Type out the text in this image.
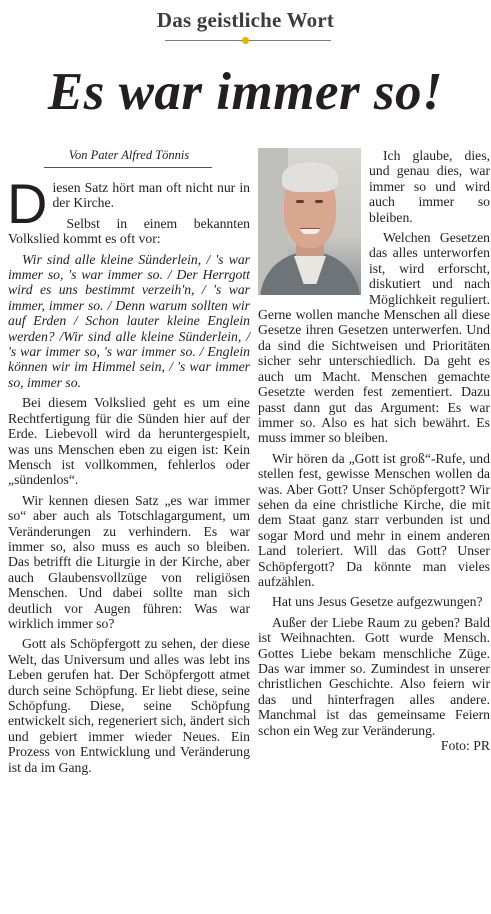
Das geistliche Wort
Es war immer so!
Von Pater Alfred Tönnis

Diesen Satz hört man oft nicht nur in der Kirche.

Selbst in einem bekannten Volkslied kommt es oft vor:

Wir sind alle kleine Sünderlein, / 's war immer so, 's war immer so. / Der Herrgott wird es uns bestimmt verzeih'n, / 's war immer, immer so. / Denn warum sollten wir auf Erden / Schon lauter kleine Englein werden? /Wir sind alle kleine Sünderlein, / 's war immer so, 's war immer so. / Englein können wir im Himmel sein, / 's war immer so, immer so.

Bei diesem Volkslied geht es um eine Rechtfertigung für die Sünden hier auf der Erde. Liebevoll wird da heruntergespielt, was uns Menschen eben zu eigen ist: Kein Mensch ist vollkommen, fehlerlos oder „sündenlos“.

Wir kennen diesen Satz „es war immer so“ aber auch als Totschlagargument, um Veränderungen zu verhindern. Es war immer so, also muss es auch so bleiben. Das betrifft die Liturgie in der Kirche, aber auch Glaubensvollzüge von religiösen Menschen. Und dabei sollte man sich deutlich vor Augen führen: Was war wirklich immer so?

Gott als Schöpfergott zu sehen, der diese Welt, das Universum und alles was lebt ins Leben gerufen hat. Der Schöpfergott atmet durch seine Schöpfung. Er liebt diese, seine Schöpfung. Diese, seine Schöpfung entwickelt sich, regeneriert sich, ändert sich und gebiert immer wieder Neues. Ein Prozess von Entwicklung und Veränderung ist da im Gang.

Ich glaube, dies, und genau dies, war immer so und wird auch immer so bleiben.

Welchen Gesetzen das alles unterworfen ist, wird erforscht, diskutiert und nach Möglichkeit reguliert. Gerne wollen manche Menschen all diese Gesetze ihren Gesetzen unterwerfen. Und da sind die Sichtweisen und Prioritäten sicher sehr unterschiedlich. Da geht es auch um Macht. Menschen gemachte Gesetzte werden fest zementiert. Dazu passt dann gut das Argument: Es war immer so. Also es hat sich bewährt. Es muss immer so bleiben.

Wir hören da „Gott ist groß“-Rufe, und stellen fest, gewisse Menschen wollen da was. Aber Gott? Unser Schöpfergott? Wir sehen da eine christliche Kirche, die mit dem Staat ganz starr verbunden ist und sogar Mord und mehr in einem anderen Land toleriert. Will das Gott? Unser Schöpfergott? Da könnte man vieles aufzählen.

Hat uns Jesus Gesetze aufgezwungen?

Außer der Liebe Raum zu geben? Bald ist Weihnachten. Gott wurde Mensch. Gottes Liebe bekam menschliche Züge. Das war immer so. Zumindest in unserer christlichen Geschichte. Also feiern wir das und hinterfragen alles andere. Manchmal ist das gemeinsame Feiern schon ein Weg zur Veränderung.
Foto: PR
